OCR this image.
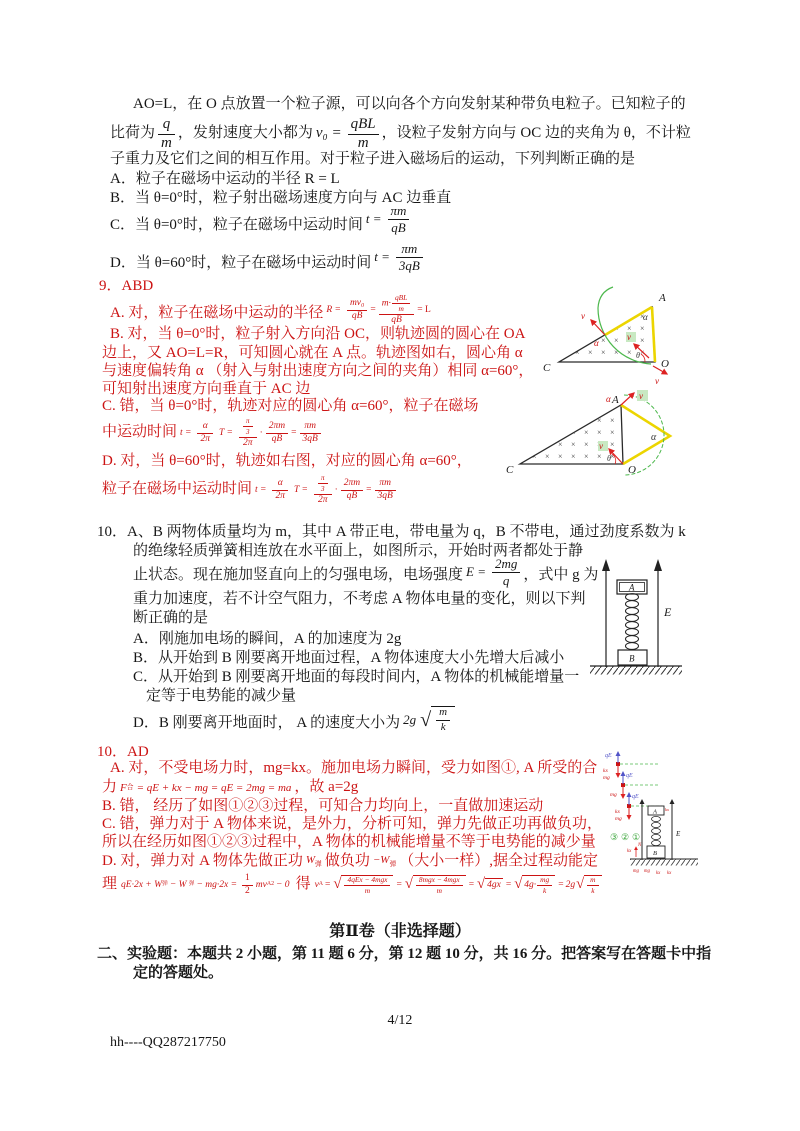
AO=L，在 O 点放置一个粒子源，可以向各个方向发射某种带负电粒子。已知粒子的
比荷为 $\frac{q}{m}$ ，发射速度大小都为 v₀ =
qBL
m
，设粒子发射方向与 OC 边的夹角为 θ，不计粒
子重力及它们之间的相互作用。对于粒子进入磁场后的运动，下列判断正确的是
A．粒子在磁场中运动的半径 R = L
B．当 θ=0°时，粒子射出磁场速度方向与 AC 边垂直
C．当 θ=0°时，粒子在磁场中运动时间 $t = \frac{\pi m}{qB}$
D．当 θ=60°时，粒子在磁场中运动时间 $t = \frac{\pi m}{3qB}$
9．ABD
A. 对，粒子在磁场中运动的半径 $R = \frac{\text{mv₀}}{qB}$ =
m·
qBL
m
qB
= L
B. 对，当 θ=0°时，粒子射入方向沿 OC，则轨迹圆的圆心在 OA
边上，又 AO=L=R，可知圆心就在 A 点。轨迹图如右，圆心角 α
与速度偏转角 α （射入与射出速度方向之间的夹角）相同 α=60°，
可知射出速度方向垂直于 AC 边
C. 错，当 θ=0°时，轨迹对应的圆心角 α=60°，粒子在磁场
中运动时间 $t = \frac{\alpha}{2\pi}$ $T = \frac{\frac{\pi}{3}}{2\pi} \cdot \frac{2\pi m}{qB} = \frac{\pi m}{3qB}$
D. 对，当 θ=60°时，轨迹如右图，对应的圆心角 α=60°，
粒子在磁场中运动时间 $t = \frac{\alpha}{2\pi}$ $T = \frac{\frac{\pi}{3}}{2\pi} \cdot \frac{2\pi m}{qB} = \frac{\pi m}{3qB}$
v
α
α
v
θ
v
A
O
C
v
α
v
θ
α
A
O
C
10．A、B 两物体质量均为 m，其中 A 带正电，带电量为 q，B 不带电，通过劲度系数为 k
的绝缘轻质弹簧相连放在水平面上，如图所示，开始时两者都处于静
止状态。现在施加竖直向上的匀强电场，电场强度 $E = \frac{2mg}{q}$ ，式中 g 为
重力加速度，若不计空气阻力，不考虑 A 物体电量的变化，则以下判
断正确的是
A．刚施加电场的瞬间，A 的加速度为 2g
B．从开始到 B 刚要离开地面过程，A 物体速度大小先增大后减小
C．从开始到 B 刚要离开地面的每段时间内，A 物体的机械能增量一
定等于电势能的减少量
D．B 刚要离开地面时， A 的速度大小为 2g √ m
k
E
A
B
10．AD
A. 对，不受电场力时，mg=kx。施加电场力瞬间，受力如图①, A 所受的合
力 F 合 = qE + kx − mg = qE = 2mg = ma ，故 a=2g
B. 错， 经历了如图①②③过程，可知合力均向上，一直做加速运动
C. 错，弹力对于 A 物体来说，是外力，分析可知，弹力先做正功再做负功，
所以在经历如图①②③过程中，A 物体的机械能增量不等于电势能的减少量
D. 对，弹力对 A 物体先做正功 $W_弹$ 做负功 $-W_弹$ （大小一样）,据全过程动能定
理 qE·2x + W 弹 − W 弹 − $mg\cdot 2x = \frac{1}{2}$ mv A 2 − 0 得 v A = √ 4qEx − 4mgx
m
= √ 8mgx − 4mgx
m
= √ 4gx = √ 4g·
mg
k
= 2g √ m
k
qE
kx
mg	qE
mg	qE
kx
mg
③ ② ①	E
A kx
B
kx
N
mg mg kx kx
第Ⅱ卷（非选择题）
二、实验题：本题共 2 小题，第 11 题 6 分，第 12 题 10 分，共 16 分。把答案写在答题卡中指
定的答题处。
4/12
hh----QQ287217750
